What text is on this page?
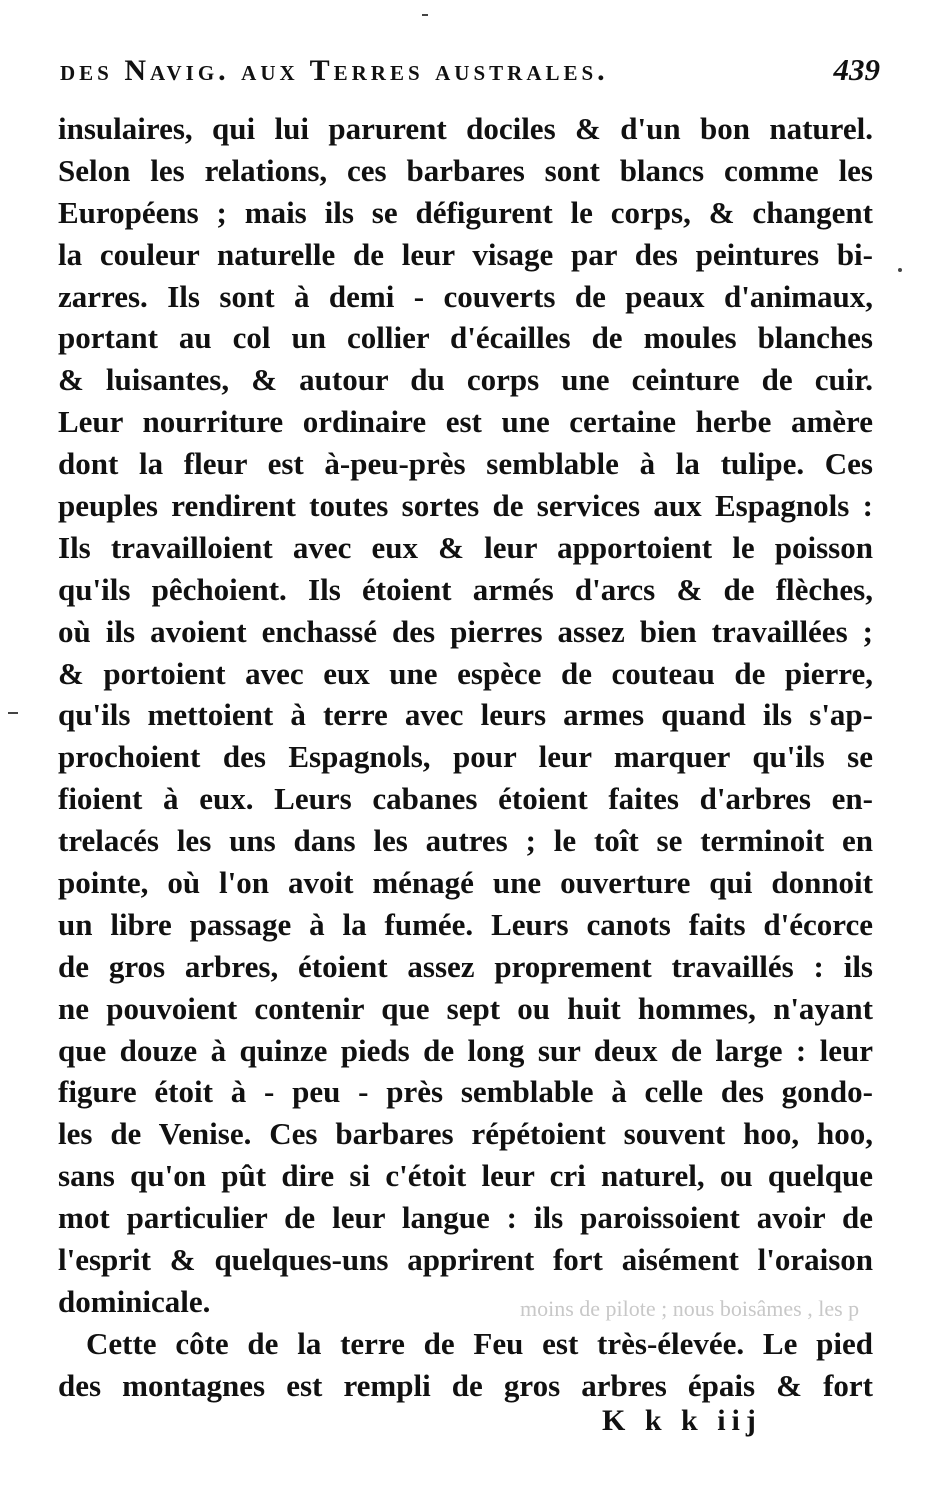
des Navig. aux Terres australes.	439
insulaires, qui lui parurent dociles & d'un bon naturel.
Selon les relations, ces barbares sont blancs comme les
Européens ; mais ils se défigurent le corps, & changent
la couleur naturelle de leur visage par des peintures bi-
zarres. Ils sont à demi - couverts de peaux d'animaux,
portant au col un collier d'écailles de moules blanches
& luisantes, & autour du corps une ceinture de cuir.
Leur nourriture ordinaire est une certaine herbe amère
dont la fleur est à-peu-près semblable à la tulipe. Ces
peuples rendirent toutes sortes de services aux Espagnols :
Ils travailloient avec eux & leur apportoient le poisson
qu'ils pêchoient. Ils étoient armés d'arcs & de flèches,
où ils avoient enchassé des pierres assez bien travaillées ;
& portoient avec eux une espèce de couteau de pierre,
qu'ils mettoient à terre avec leurs armes quand ils s'ap-
prochoient des Espagnols, pour leur marquer qu'ils se
fioient à eux. Leurs cabanes étoient faites d'arbres en-
trelacés les uns dans les autres ; le toît se terminoit en
pointe, où l'on avoit ménagé une ouverture qui donnoit
un libre passage à la fumée. Leurs canots faits d'écorce
de gros arbres, étoient assez proprement travaillés : ils
ne pouvoient contenir que sept ou huit hommes, n'ayant
que douze à quinze pieds de long sur deux de large : leur
figure étoit à - peu - près semblable à celle des gondo-
les de Venise. Ces barbares répétoient souvent hoo, hoo,
sans qu'on pût dire si c'étoit leur cri naturel, ou quelque
mot particulier de leur langue : ils paroissoient avoir de
l'esprit & quelques-uns apprirent fort aisément l'oraison
dominicale.
Cette côte de la terre de Feu est très-élevée. Le pied
des montagnes est rempli de gros arbres épais & fort
moins de pilote ; nous boisâmes , les p
K k k iij
